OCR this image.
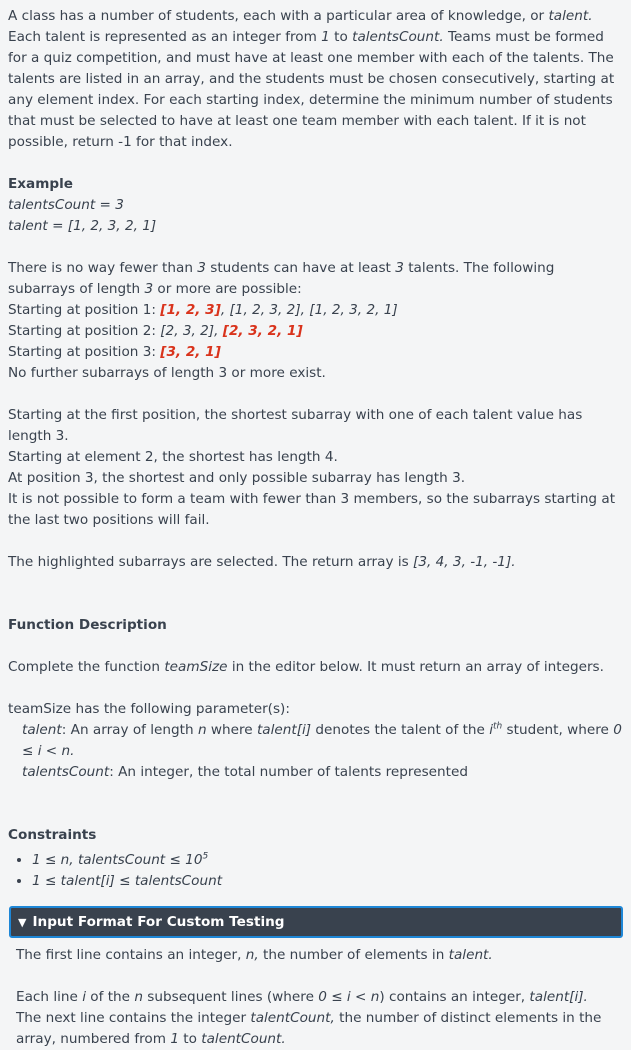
A class has a number of students, each with a particular area of knowledge, or talent. Each talent is represented as an integer from 1 to talentsCount. Teams must be formed for a quiz competition, and must have at least one member with each of the talents. The talents are listed in an array, and the students must be chosen consecutively, starting at any element index. For each starting index, determine the minimum number of students that must be selected to have at least one team member with each talent. If it is not possible, return -1 for that index.

Example

talentsCount = 3

talent = [1, 2, 3, 2, 1]

There is no way fewer than 3 students can have at least 3 talents. The following subarrays of length 3 or more are possible:

Starting at position 1: [1, 2, 3], [1, 2, 3, 2], [1, 2, 3, 2, 1]

Starting at position 2: [2, 3, 2], [2, 3, 2, 1]

Starting at position 3: [3, 2, 1]

No further subarrays of length 3 or more exist.

Starting at the first position, the shortest subarray with one of each talent value has length 3.

Starting at element 2, the shortest has length 4.

At position 3, the shortest and only possible subarray has length 3.

It is not possible to form a team with fewer than 3 members, so the subarrays starting at the last two positions will fail.

The highlighted subarrays are selected. The return array is [3, 4, 3, -1, -1].

Function Description

Complete the function teamSize in the editor below. It must return an array of integers.

teamSize has the following parameter(s):

talent: An array of length n where talent[i] denotes the talent of the $i^{th}$ student, where 0 ≤ i < n.

talentsCount: An integer, the total number of talents represented

Constraints
• 1 ≤ n, talentsCount ≤ $10^5$
• 1 ≤ talent[i] ≤ talentsCount
▼ Input Format For Custom Testing

The first line contains an integer, n, the number of elements in talent.

Each line i of the n subsequent lines (where 0 ≤ i < n) contains an integer, talent[i].

The next line contains the integer talentCount, the number of distinct elements in the array, numbered from 1 to talentCount.
